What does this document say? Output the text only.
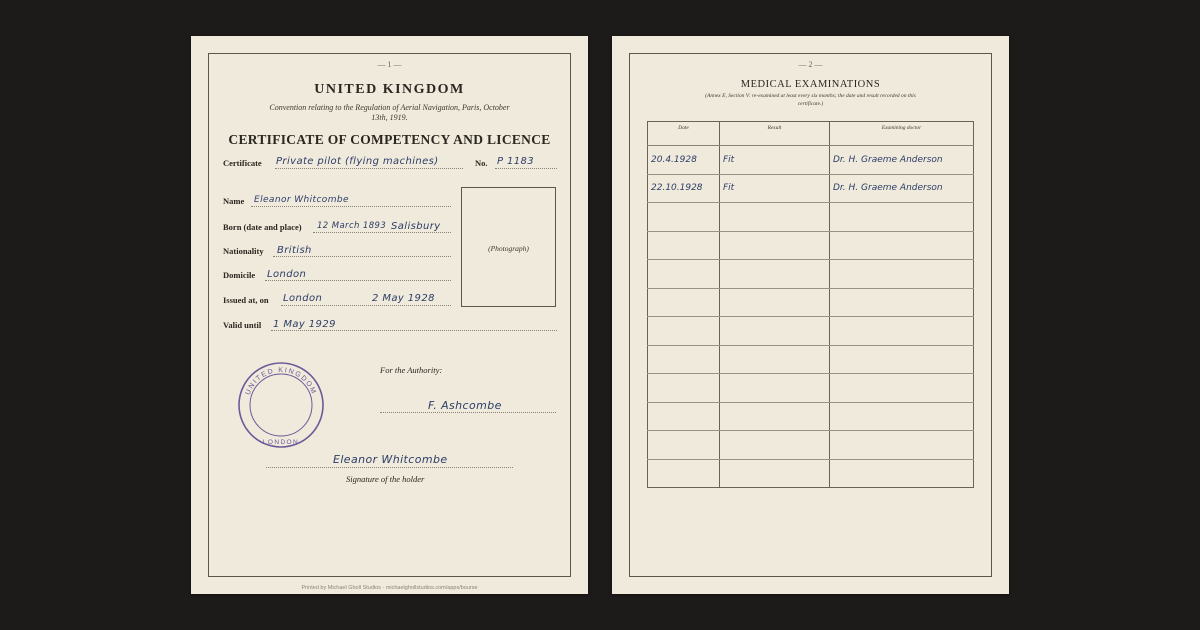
— 1 —
UNITED KINGDOM
Convention relating to the Regulation of Aerial Navigation, Paris, October 13th, 1919.
CERTIFICATE OF COMPETENCY AND LICENCE
Certificate Private pilot (flying machines)	No. P 1183
Name Eleanor Whitcombe
Born (date and place) 12 March 1893 Salisbury
Nationality British
Domicile London
Issued at, on London	2 May 1928
Valid until 1 May 1929
(Photograph)
UNITED KINGDOM
LONDON
For the Authority:
F. Ashcombe
Eleanor Whitcombe
Signature of the holder
Printed by Michael Gholl Studios · michaelghollstudios.com/apps/bourse
— 2 —
MEDICAL EXAMINATIONS
(Annex E, Section V: re-examined at least every six months; the date and result recorded on this certificate.)
Date	Result	Examining doctor
20.4.1928	Fit	Dr. H. Graeme Anderson
22.10.1928	Fit	Dr. H. Graeme Anderson
